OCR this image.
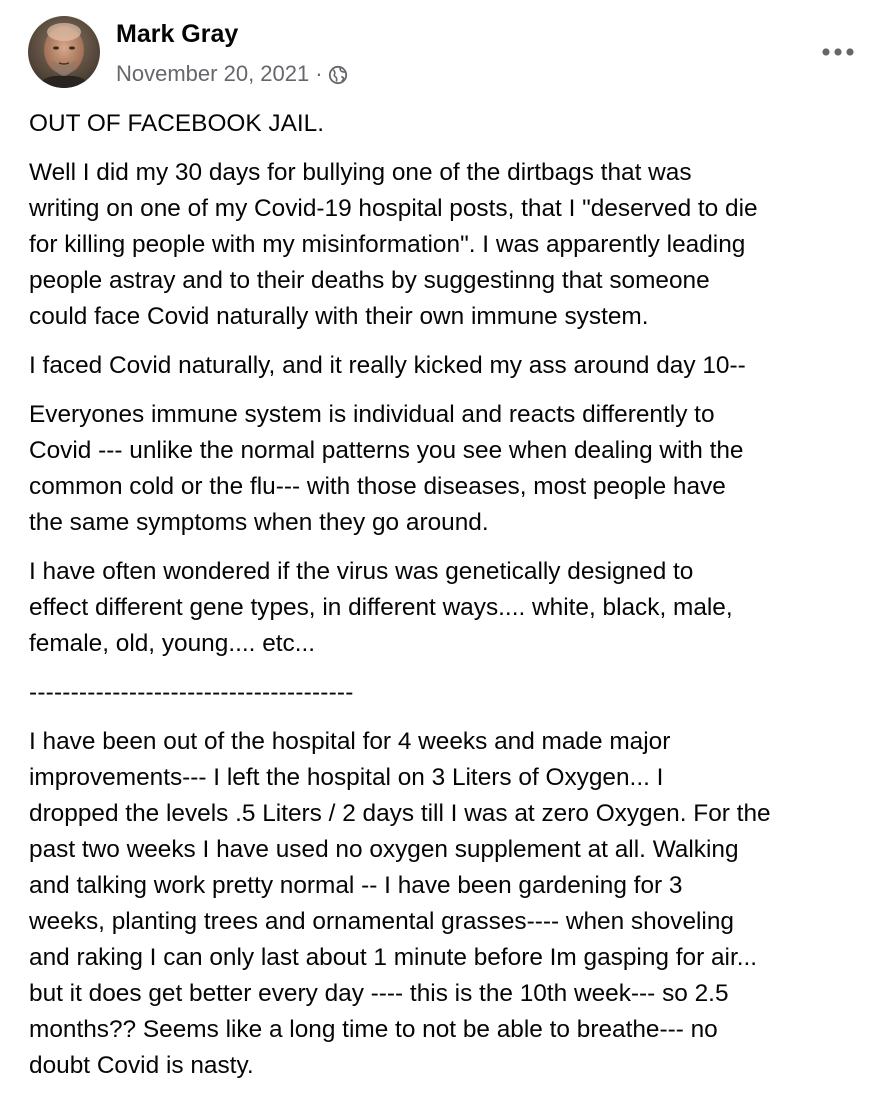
Mark Gray
November 20, 2021 ·

OUT OF FACEBOOK JAIL.

Well I did my 30 days for bullying one of the dirtbags that was
writing on one of my Covid-19 hospital posts, that I "deserved to die
for killing people with my misinformation". I was apparently leading
people astray and to their deaths by suggestinng that someone
could face Covid naturally with their own immune system.

I faced Covid naturally, and it really kicked my ass around day 10--

Everyones immune system is individual and reacts differently to
Covid --- unlike the normal patterns you see when dealing with the
common cold or the flu--- with those diseases, most people have
the same symptoms when they go around.

I have often wondered if the virus was genetically designed to
effect different gene types, in different ways.... white, black, male,
female, old, young.... etc...

---------------------------------------

I have been out of the hospital for 4 weeks and made major
improvements--- I left the hospital on 3 Liters of Oxygen... I
dropped the levels .5 Liters / 2 days till I was at zero Oxygen. For the
past two weeks I have used no oxygen supplement at all. Walking
and talking work pretty normal -- I have been gardening for 3
weeks, planting trees and ornamental grasses---- when shoveling
and raking I can only last about 1 minute before Im gasping for air...
but it does get better every day ---- this is the 10th week--- so 2.5
months?? Seems like a long time to not be able to breathe--- no
doubt Covid is nasty.
